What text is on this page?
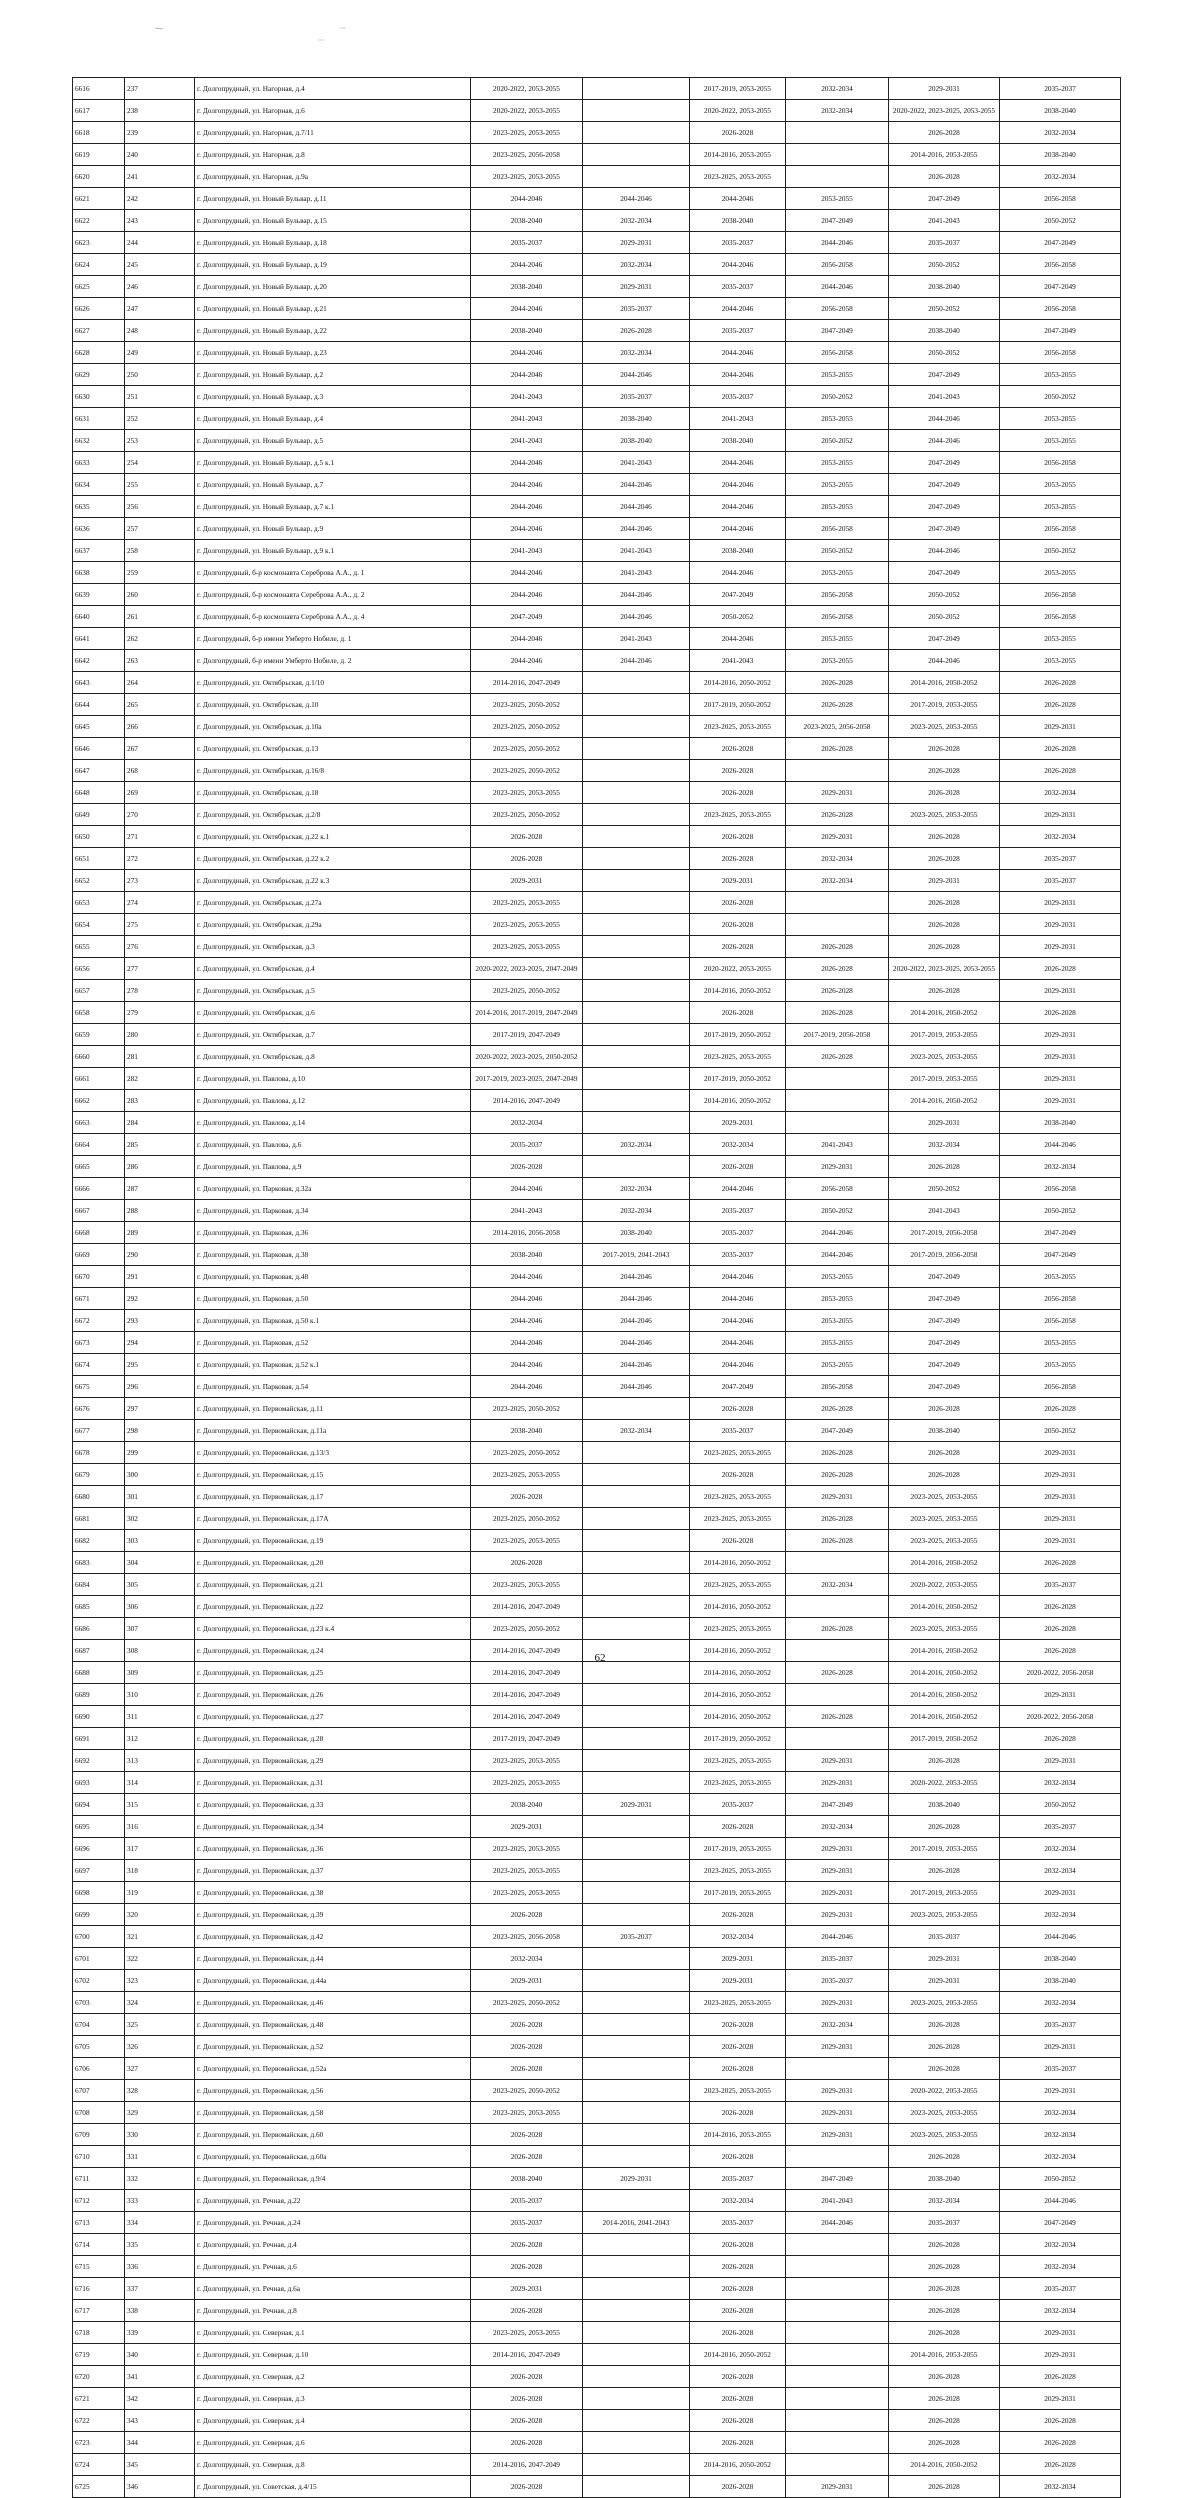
6616	237	г. Долгопрудный, ул. Нагорная, д.4	2020-2022, 2053-2055		2017-2019, 2053-2055	2032-2034	2029-2031	2035-2037
6617	238	г. Долгопрудный, ул. Нагорная, д.6	2020-2022, 2053-2055		2020-2022, 2053-2055	2032-2034	2020-2022, 2023-2025, 2053-2055	2038-2040
6618	239	г. Долгопрудный, ул. Нагорная, д.7/11	2023-2025, 2053-2055		2026-2028		2026-2028	2032-2034
6619	240	г. Долгопрудный, ул. Нагорная, д.8	2023-2025, 2056-2058		2014-2016, 2053-2055		2014-2016, 2053-2055	2038-2040
6620	241	г. Долгопрудный, ул. Нагорная, д.9а	2023-2025, 2053-2055		2023-2025, 2053-2055		2026-2028	2032-2034
6621	242	г. Долгопрудный, ул. Новый Бульвар, д.11	2044-2046	2044-2046	2044-2046	2053-2055	2047-2049	2056-2058
6622	243	г. Долгопрудный, ул. Новый Бульвар, д.15	2038-2040	2032-2034	2038-2040	2047-2049	2041-2043	2050-2052
6623	244	г. Долгопрудный, ул. Новый Бульвар, д.18	2035-2037	2029-2031	2035-2037	2044-2046	2035-2037	2047-2049
6624	245	г. Долгопрудный, ул. Новый Бульвар, д.19	2044-2046	2032-2034	2044-2046	2056-2058	2050-2052	2056-2058
6625	246	г. Долгопрудный, ул. Новый Бульвар, д.20	2038-2040	2029-2031	2035-2037	2044-2046	2038-2040	2047-2049
6626	247	г. Долгопрудный, ул. Новый Бульвар, д.21	2044-2046	2035-2037	2044-2046	2056-2058	2050-2052	2056-2058
6627	248	г. Долгопрудный, ул. Новый Бульвар, д.22	2038-2040	2026-2028	2035-2037	2047-2049	2038-2040	2047-2049
6628	249	г. Долгопрудный, ул. Новый Бульвар, д.23	2044-2046	2032-2034	2044-2046	2056-2058	2050-2052	2056-2058
6629	250	г. Долгопрудный, ул. Новый Бульвар, д.2	2044-2046	2044-2046	2044-2046	2053-2055	2047-2049	2053-2055
6630	251	г. Долгопрудный, ул. Новый Бульвар, д.3	2041-2043	2035-2037	2035-2037	2050-2052	2041-2043	2050-2052
6631	252	г. Долгопрудный, ул. Новый Бульвар, д.4	2041-2043	2038-2040	2041-2043	2053-2055	2044-2046	2053-2055
6632	253	г. Долгопрудный, ул. Новый Бульвар, д.5	2041-2043	2038-2040	2038-2040	2050-2052	2044-2046	2053-2055
6633	254	г. Долгопрудный, ул. Новый Бульвар, д.5 к.1	2044-2046	2041-2043	2044-2046	2053-2055	2047-2049	2056-2058
6634	255	г. Долгопрудный, ул. Новый Бульвар, д.7	2044-2046	2044-2046	2044-2046	2053-2055	2047-2049	2053-2055
6635	256	г. Долгопрудный, ул. Новый Бульвар, д.7 к.1	2044-2046	2044-2046	2044-2046	2053-2055	2047-2049	2053-2055
6636	257	г. Долгопрудный, ул. Новый Бульвар, д.9	2044-2046	2044-2046	2044-2046	2056-2058	2047-2049	2056-2058
6637	258	г. Долгопрудный, ул. Новый Бульвар, д.9 к.1	2041-2043	2041-2043	2038-2040	2050-2052	2044-2046	2050-2052
6638	259	г. Долгопрудный, б-р космонавта Сереброва А.А., д. 1	2044-2046	2041-2043	2044-2046	2053-2055	2047-2049	2053-2055
6639	260	г. Долгопрудный, б-р космонавта Сереброва А.А., д. 2	2044-2046	2044-2046	2047-2049	2056-2058	2050-2052	2056-2058
6640	261	г. Долгопрудный, б-р космонавта Сереброва А.А., д. 4	2047-2049	2044-2046	2050-2052	2056-2058	2050-2052	2056-2058
6641	262	г. Долгопрудный, б-р имени Умберто Нобиле, д. 1	2044-2046	2041-2043	2044-2046	2053-2055	2047-2049	2053-2055
6642	263	г. Долгопрудный, б-р имени Умберто Нобиле, д. 2	2044-2046	2044-2046	2041-2043	2053-2055	2044-2046	2053-2055
6643	264	г. Долгопрудный, ул. Октябрьская, д.1/10	2014-2016, 2047-2049		2014-2016, 2050-2052	2026-2028	2014-2016, 2050-2052	2026-2028
6644	265	г. Долгопрудный, ул. Октябрьская, д.10	2023-2025, 2050-2052		2017-2019, 2050-2052	2026-2028	2017-2019, 2053-2055	2026-2028
6645	266	г. Долгопрудный, ул. Октябрьская, д.10а	2023-2025, 2050-2052		2023-2025, 2053-2055	2023-2025, 2056-2058	2023-2025, 2053-2055	2029-2031
6646	267	г. Долгопрудный, ул. Октябрьская, д.13	2023-2025, 2050-2052		2026-2028	2026-2028	2026-2028	2026-2028
6647	268	г. Долгопрудный, ул. Октябрьская, д.16/8	2023-2025, 2050-2052		2026-2028		2026-2028	2026-2028
6648	269	г. Долгопрудный, ул. Октябрьская, д.18	2023-2025, 2053-2055		2026-2028	2029-2031	2026-2028	2032-2034
6649	270	г. Долгопрудный, ул. Октябрьская, д.2/8	2023-2025, 2050-2052		2023-2025, 2053-2055	2026-2028	2023-2025, 2053-2055	2029-2031
6650	271	г. Долгопрудный, ул. Октябрьская, д.22 к.1	2026-2028		2026-2028	2029-2031	2026-2028	2032-2034
6651	272	г. Долгопрудный, ул. Октябрьская, д.22 к.2	2026-2028		2026-2028	2032-2034	2026-2028	2035-2037
6652	273	г. Долгопрудный, ул. Октябрьская, д.22 к.3	2029-2031		2029-2031	2032-2034	2029-2031	2035-2037
6653	274	г. Долгопрудный, ул. Октябрьская, д.27а	2023-2025, 2053-2055		2026-2028		2026-2028	2029-2031
6654	275	г. Долгопрудный, ул. Октябрьская, д.29а	2023-2025, 2053-2055		2026-2028		2026-2028	2029-2031
6655	276	г. Долгопрудный, ул. Октябрьская, д.3	2023-2025, 2053-2055		2026-2028	2026-2028	2026-2028	2029-2031
6656	277	г. Долгопрудный, ул. Октябрьская, д.4	2020-2022, 2023-2025, 2047-2049		2020-2022, 2053-2055	2026-2028	2020-2022, 2023-2025, 2053-2055	2026-2028
6657	278	г. Долгопрудный, ул. Октябрьская, д.5	2023-2025, 2050-2052		2014-2016, 2050-2052	2026-2028	2026-2028	2029-2031
6658	279	г. Долгопрудный, ул. Октябрьская, д.6	2014-2016, 2017-2019, 2047-2049		2026-2028	2026-2028	2014-2016, 2050-2052	2026-2028
6659	280	г. Долгопрудный, ул. Октябрьская, д.7	2017-2019, 2047-2049		2017-2019, 2050-2052	2017-2019, 2056-2058	2017-2019, 2053-2055	2029-2031
6660	281	г. Долгопрудный, ул. Октябрьская, д.8	2020-2022, 2023-2025, 2050-2052		2023-2025, 2053-2055	2026-2028	2023-2025, 2053-2055	2029-2031
6661	282	г. Долгопрудный, ул. Павлова, д.10	2017-2019, 2023-2025, 2047-2049		2017-2019, 2050-2052		2017-2019, 2053-2055	2029-2031
6662	283	г. Долгопрудный, ул. Павлова, д.12	2014-2016, 2047-2049		2014-2016, 2050-2052		2014-2016, 2050-2052	2029-2031
6663	284	г. Долгопрудный, ул. Павлова, д.14	2032-2034		2029-2031		2029-2031	2038-2040
6664	285	г. Долгопрудный, ул. Павлова, д.6	2035-2037	2032-2034	2032-2034	2041-2043	2032-2034	2044-2046
6665	286	г. Долгопрудный, ул. Павлова, д.9	2026-2028		2026-2028	2029-2031	2026-2028	2032-2034
6666	287	г. Долгопрудный, ул. Парковая, д.32а	2044-2046	2032-2034	2044-2046	2056-2058	2050-2052	2056-2058
6667	288	г. Долгопрудный, ул. Парковая, д.34	2041-2043	2032-2034	2035-2037	2050-2052	2041-2043	2050-2052
6668	289	г. Долгопрудный, ул. Парковая, д.36	2014-2016, 2056-2058	2038-2040	2035-2037	2044-2046	2017-2019, 2056-2058	2047-2049
6669	290	г. Долгопрудный, ул. Парковая, д.38	2038-2040	2017-2019, 2041-2043	2035-2037	2044-2046	2017-2019, 2056-2058	2047-2049
6670	291	г. Долгопрудный, ул. Парковая, д.48	2044-2046	2044-2046	2044-2046	2053-2055	2047-2049	2053-2055
6671	292	г. Долгопрудный, ул. Парковая, д.50	2044-2046	2044-2046	2044-2046	2053-2055	2047-2049	2056-2058
6672	293	г. Долгопрудный, ул. Парковая, д.50 к.1	2044-2046	2044-2046	2044-2046	2053-2055	2047-2049	2056-2058
6673	294	г. Долгопрудный, ул. Парковая, д.52	2044-2046	2044-2046	2044-2046	2053-2055	2047-2049	2053-2055
6674	295	г. Долгопрудный, ул. Парковая, д.52 к.1	2044-2046	2044-2046	2044-2046	2053-2055	2047-2049	2053-2055
6675	296	г. Долгопрудный, ул. Парковая, д.54	2044-2046	2044-2046	2047-2049	2056-2058	2047-2049	2056-2058
6676	297	г. Долгопрудный, ул. Первомайская, д.11	2023-2025, 2050-2052		2026-2028	2026-2028	2026-2028	2026-2028
6677	298	г. Долгопрудный, ул. Первомайская, д.11а	2038-2040	2032-2034	2035-2037	2047-2049	2038-2040	2050-2052
6678	299	г. Долгопрудный, ул. Первомайская, д.13/3	2023-2025, 2050-2052		2023-2025, 2053-2055	2026-2028	2026-2028	2029-2031
6679	300	г. Долгопрудный, ул. Первомайская, д.15	2023-2025, 2053-2055		2026-2028	2026-2028	2026-2028	2029-2031
6680	301	г. Долгопрудный, ул. Первомайская, д.17	2026-2028		2023-2025, 2053-2055	2029-2031	2023-2025, 2053-2055	2029-2031
6681	302	г. Долгопрудный, ул. Первомайская, д.17А	2023-2025, 2050-2052		2023-2025, 2053-2055	2026-2028	2023-2025, 2053-2055	2029-2031
6682	303	г. Долгопрудный, ул. Первомайская, д.19	2023-2025, 2053-2055		2026-2028	2026-2028	2023-2025, 2053-2055	2029-2031
6683	304	г. Долгопрудный, ул. Первомайская, д.20	2026-2028		2014-2016, 2050-2052		2014-2016, 2050-2052	2026-2028
6684	305	г. Долгопрудный, ул. Первомайская, д.21	2023-2025, 2053-2055		2023-2025, 2053-2055	2032-2034	2020-2022, 2053-2055	2035-2037
6685	306	г. Долгопрудный, ул. Первомайская, д.22	2014-2016, 2047-2049		2014-2016, 2050-2052		2014-2016, 2050-2052	2026-2028
6686	307	г. Долгопрудный, ул. Первомайская, д.23 к.4	2023-2025, 2050-2052		2023-2025, 2053-2055	2026-2028	2023-2025, 2053-2055	2026-2028
6687	308	г. Долгопрудный, ул. Первомайская, д.24	2014-2016, 2047-2049		2014-2016, 2050-2052		2014-2016, 2050-2052	2026-2028
6688	309	г. Долгопрудный, ул. Первомайская, д.25	2014-2016, 2047-2049		2014-2016, 2050-2052	2026-2028	2014-2016, 2050-2052	2020-2022, 2056-2058
6689	310	г. Долгопрудный, ул. Первомайская, д.26	2014-2016, 2047-2049		2014-2016, 2050-2052		2014-2016, 2050-2052	2029-2031
6690	311	г. Долгопрудный, ул. Первомайская, д.27	2014-2016, 2047-2049		2014-2016, 2050-2052	2026-2028	2014-2016, 2050-2052	2020-2022, 2056-2058
6691	312	г. Долгопрудный, ул. Первомайская, д.28	2017-2019, 2047-2049		2017-2019, 2050-2052		2017-2019, 2050-2052	2026-2028
6692	313	г. Долгопрудный, ул. Первомайская, д.29	2023-2025, 2053-2055		2023-2025, 2053-2055	2029-2031	2026-2028	2029-2031
6693	314	г. Долгопрудный, ул. Первомайская, д.31	2023-2025, 2053-2055		2023-2025, 2053-2055	2029-2031	2020-2022, 2053-2055	2032-2034
6694	315	г. Долгопрудный, ул. Первомайская, д.33	2038-2040	2029-2031	2035-2037	2047-2049	2038-2040	2050-2052
6695	316	г. Долгопрудный, ул. Первомайская, д.34	2029-2031		2026-2028	2032-2034	2026-2028	2035-2037
6696	317	г. Долгопрудный, ул. Первомайская, д.36	2023-2025, 2053-2055		2017-2019, 2053-2055	2029-2031	2017-2019, 2053-2055	2032-2034
6697	318	г. Долгопрудный, ул. Первомайская, д.37	2023-2025, 2053-2055		2023-2025, 2053-2055	2029-2031	2026-2028	2032-2034
6698	319	г. Долгопрудный, ул. Первомайская, д.38	2023-2025, 2053-2055		2017-2019, 2053-2055	2029-2031	2017-2019, 2053-2055	2029-2031
6699	320	г. Долгопрудный, ул. Первомайская, д.39	2026-2028		2026-2028	2029-2031	2023-2025, 2053-2055	2032-2034
6700	321	г. Долгопрудный, ул. Первомайская, д.42	2023-2025, 2056-2058	2035-2037	2032-2034	2044-2046	2035-2037	2044-2046
6701	322	г. Долгопрудный, ул. Первомайская, д.44	2032-2034		2029-2031	2035-2037	2029-2031	2038-2040
6702	323	г. Долгопрудный, ул. Первомайская, д.44а	2029-2031		2029-2031	2035-2037	2029-2031	2038-2040
6703	324	г. Долгопрудный, ул. Первомайская, д.46	2023-2025, 2050-2052		2023-2025, 2053-2055	2029-2031	2023-2025, 2053-2055	2032-2034
6704	325	г. Долгопрудный, ул. Первомайская, д.48	2026-2028		2026-2028	2032-2034	2026-2028	2035-2037
6705	326	г. Долгопрудный, ул. Первомайская, д.52	2026-2028		2026-2028	2029-2031	2026-2028	2029-2031
6706	327	г. Долгопрудный, ул. Первомайская, д.52а	2026-2028		2026-2028		2026-2028	2035-2037
6707	328	г. Долгопрудный, ул. Первомайская, д.56	2023-2025, 2050-2052		2023-2025, 2053-2055	2029-2031	2020-2022, 2053-2055	2029-2031
6708	329	г. Долгопрудный, ул. Первомайская, д.58	2023-2025, 2053-2055		2026-2028	2029-2031	2023-2025, 2053-2055	2032-2034
6709	330	г. Долгопрудный, ул. Первомайская, д.60	2026-2028		2014-2016, 2053-2055	2029-2031	2023-2025, 2053-2055	2032-2034
6710	331	г. Долгопрудный, ул. Первомайская, д.60а	2026-2028		2026-2028		2026-2028	2032-2034
6711	332	г. Долгопрудный, ул. Первомайская, д.9/4	2038-2040	2029-2031	2035-2037	2047-2049	2038-2040	2050-2052
6712	333	г. Долгопрудный, ул. Речная, д.22	2035-2037		2032-2034	2041-2043	2032-2034	2044-2046
6713	334	г. Долгопрудный, ул. Речная, д.24	2035-2037	2014-2016, 2041-2043	2035-2037	2044-2046	2035-2037	2047-2049
6714	335	г. Долгопрудный, ул. Речная, д.4	2026-2028		2026-2028		2026-2028	2032-2034
6715	336	г. Долгопрудный, ул. Речная, д.6	2026-2028		2026-2028		2026-2028	2032-2034
6716	337	г. Долгопрудный, ул. Речная, д.6а	2029-2031		2026-2028		2026-2028	2035-2037
6717	338	г. Долгопрудный, ул. Речная, д.8	2026-2028		2026-2028		2026-2028	2032-2034
6718	339	г. Долгопрудный, ул. Северная, д.1	2023-2025, 2053-2055		2026-2028		2026-2028	2029-2031
6719	340	г. Долгопрудный, ул. Северная, д.10	2014-2016, 2047-2049		2014-2016, 2050-2052		2014-2016, 2053-2055	2029-2031
6720	341	г. Долгопрудный, ул. Северная, д.2	2026-2028		2026-2028		2026-2028	2026-2028
6721	342	г. Долгопрудный, ул. Северная, д.3	2026-2028		2026-2028		2026-2028	2029-2031
6722	343	г. Долгопрудный, ул. Северная, д.4	2026-2028		2026-2028		2026-2028	2026-2028
6723	344	г. Долгопрудный, ул. Северная, д.6	2026-2028		2026-2028		2026-2028	2026-2028
6724	345	г. Долгопрудный, ул. Северная, д.8	2014-2016, 2047-2049		2014-2016, 2050-2052		2014-2016, 2050-2052	2026-2028
6725	346	г. Долгопрудный, ул. Советская, д.4/15	2026-2028		2026-2028	2029-2031	2026-2028	2032-2034
62
